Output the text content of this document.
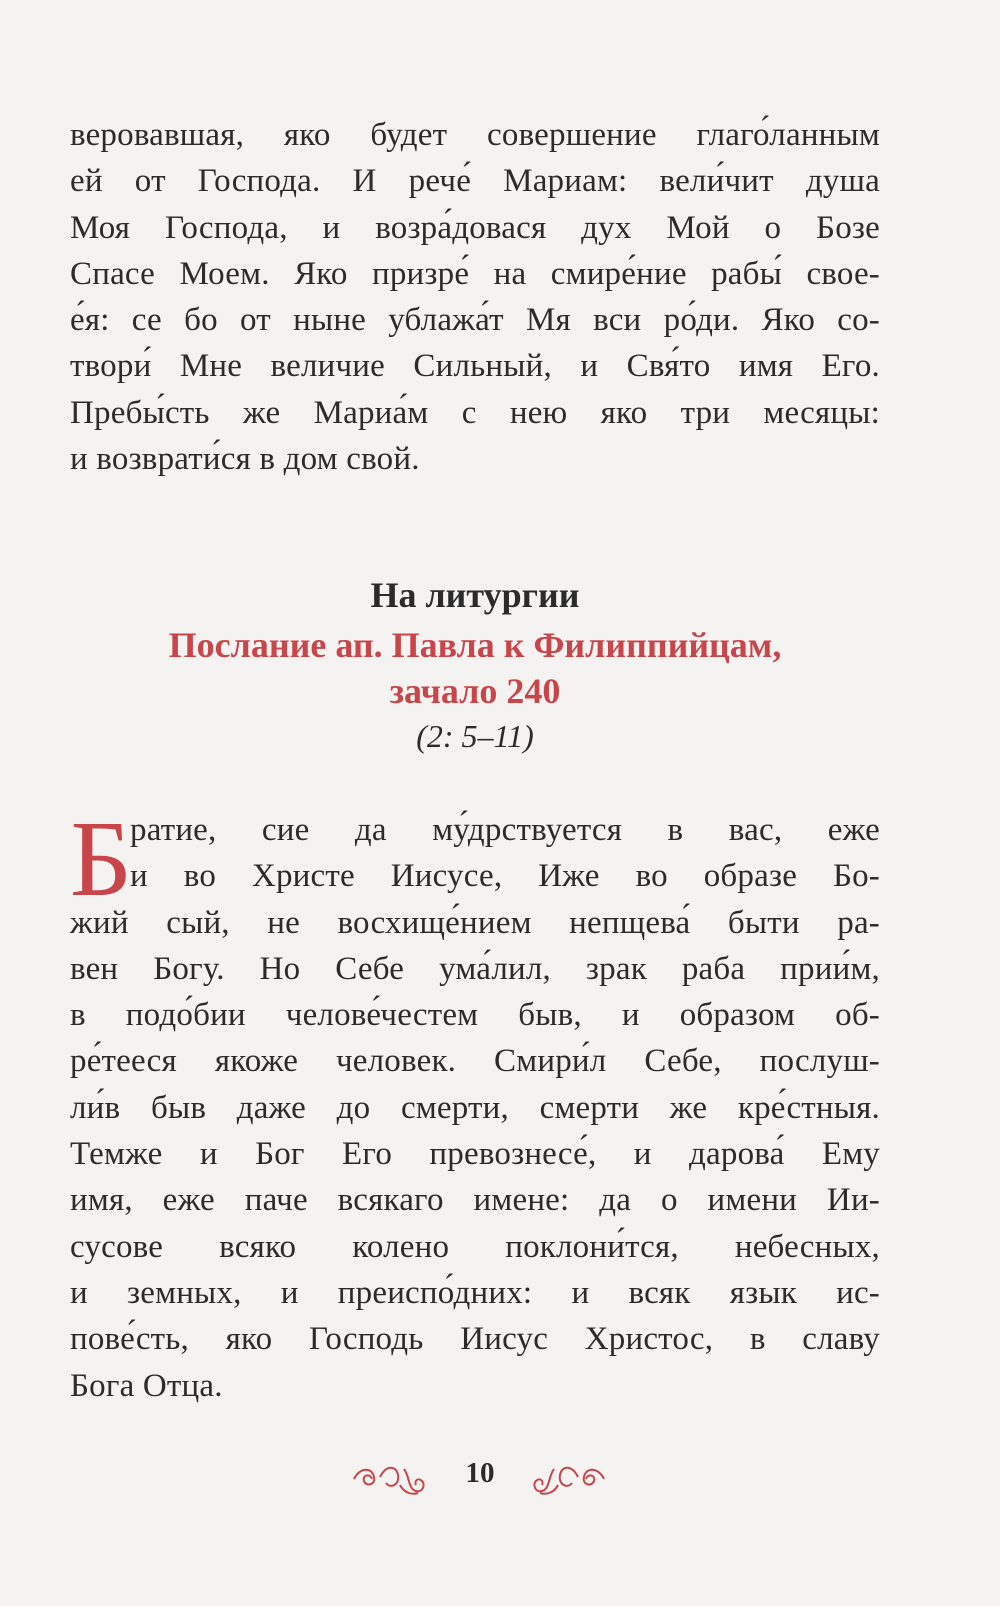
веровавшая, яко будет совершение глаго́ланным
ей от Господа. И рече́ Мариам: вели́чит душа
Моя Господа, и возра́довася дух Мой о Бозе
Спасе Моем. Яко призре́ на смире́ние рабы́ свое-
е́я: се бо от ныне ублажа́т Мя вси ро́ди. Яко со-
твори́ Мне величие Сильный, и Свя́то имя Его.
Пребы́сть же Мариа́м с нею яко три месяцы:
и возврати́ся в дом свой.
На литургии
Послание ап. Павла к Филиппийцам,
зачало 240
(2: 5–11)
Б
ратие, сие да му́дрствуется в вас, еже
и во Христе Иисусе, Иже во образе Бо-
жий сый, не восхище́нием непщева́ быти ра-
вен Богу. Но Себе ума́лил, зрак раба прии́м,
в подо́бии челове́честем быв, и образом об-
ре́тееся якоже человек. Смири́л Себе, послуш-
ли́в быв даже до смерти, смерти же кре́стныя.
Темже и Бог Его превознесе́, и дарова́ Ему
имя, еже паче всякаго имене: да о имени Ии-
сусове всяко колено поклони́тся, небесных,
и земных, и преиспо́дних: и всяк язык ис-
пове́сть, яко Господь Иисус Христос, в славу
Бога Отца.
10
